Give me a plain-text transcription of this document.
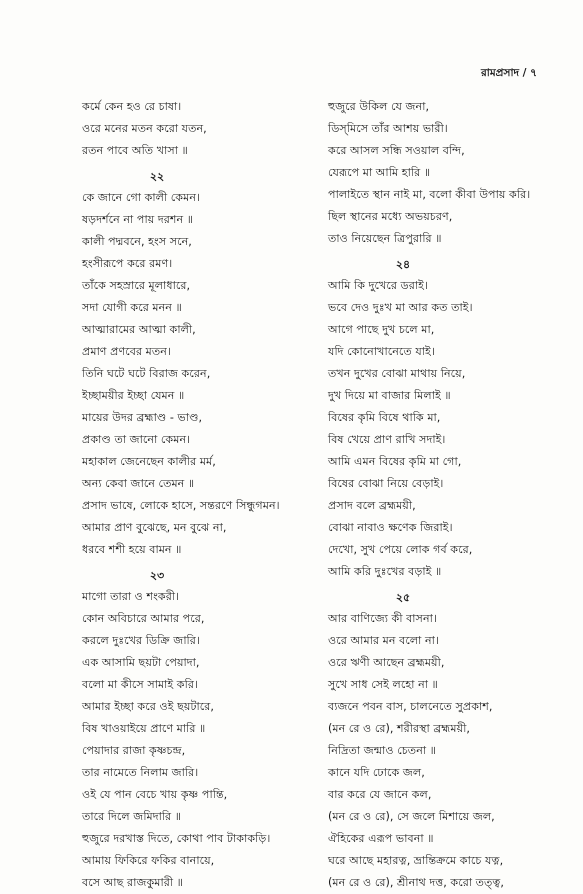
রামপ্রসাদ / ৭
কর্মে কেন হও রে চাষা।
ওরে মনের মতন করো যতন,
রতন পাবে অতি খাসা ॥
২২
কে জানে গো কালী কেমন।
ষড়দর্শনে না পায় দরশন ॥
কালী পদ্মবনে, হংস সনে,
হংসীরূপে করে রমণ।
তাঁকে সহস্রারে মূলাধারে,
সদা যোগী করে মনন ॥
আত্মারামের আত্মা কালী,
প্রমাণ প্রণবের মতন।
তিনি ঘটে ঘটে বিরাজ করেন,
ইচ্ছাময়ীর ইচ্ছা যেমন ॥
মায়ের উদর ব্রহ্মাণ্ড - ভাণ্ড,
প্রকাণ্ড তা জানো কেমন।
মহাকাল জেনেছেন কালীর মর্ম,
অন্য কেবা জানে তেমন ॥
প্রসাদ ভাষে, লোকে হাসে, সন্তরণে সিন্ধুগমন।
আমার প্রাণ বুঝেছে, মন বুঝে না,
ধরবে শশী হয়ে বামন ॥
২৩
মাগো তারা ও শংকরী।
কোন অবিচারে আমার পরে,
করলে দুঃখের ডিক্রি জারি।
এক আসামি ছয়টা পেয়াদা,
বলো মা কীসে সামাই করি।
আমার ইচ্ছা করে ওই ছয়টারে,
বিষ খাওয়াইয়ে প্রাণে মারি ॥
পেয়াদার রাজা কৃষ্ণচন্দ্র,
তার নামেতে নিলাম জারি।
ওই যে পান বেচে খায় কৃষ্ণ পান্তি,
তারে দিলে জমিদারি ॥
হুজুরে দরখাস্ত দিতে, কোথা পাব টাকাকড়ি।
আমায় ফিকিরে ফকির বানায়ে,
বসে আছ রাজকুমারী ॥
হুজুরে উকিল যে জনা,
ডিস্‌মিসে তাঁর আশয় ভারী।
করে আসল সন্ধি সওয়াল বন্দি,
যেরূপে মা আমি হারি ॥
পালাইতে স্থান নাই মা, বলো কীবা উপায় করি।
ছিল স্থানের মধ্যে অভয়চরণ,
তাও নিয়েছেন ত্রিপুরারি ॥
২৪
আমি কি দুখেরে ডরাই।
ভবে দেও দুঃখ মা আর কত তাই।
আগে পাছে দুখ চলে মা,
যদি কোনোখানেতে যাই।
তখন দুখের বোঝা মাথায় নিয়ে,
দুখ দিয়ে মা বাজার মিলাই ॥
বিষের কৃমি বিষে থাকি মা,
বিষ খেয়ে প্রাণ রাখি সদাই।
আমি এমন বিষের কৃমি মা গো,
বিষের বোঝা নিয়ে বেড়াই।
প্রসাদ বলে ব্রহ্মময়ী,
বোঝা নাবাও ক্ষণেক জিরাই।
দেখো, সুখ পেয়ে লোক গর্ব করে,
আমি করি দুঃখের বড়াই ॥
২৫
আর বাণিজ্যে কী বাসনা।
ওরে আমার মন বলো না।
ওরে ঋণী আছেন ব্রহ্মময়ী,
সুখে সাধ সেই লহো না ॥
ব্যজনে পবন বাস, চালনেতে সুপ্রকাশ,
(মন রে ও রে), শরীরস্থা ব্রহ্মময়ী,
নিদ্রিতা জন্মাও চেতনা ॥
কানে যদি ঢোকে জল,
বার করে যে জানে কল,
(মন রে ও রে), সে জলে মিশায়ে জল,
ঐহিকের এরূপ ভাবনা ॥
ঘরে আছে মহারত্ন, ভ্রান্তিক্রমে কাচে যত্ন,
(মন রে ও রে), শ্রীনাথ দত্ত, করো তত্ত্ব,
